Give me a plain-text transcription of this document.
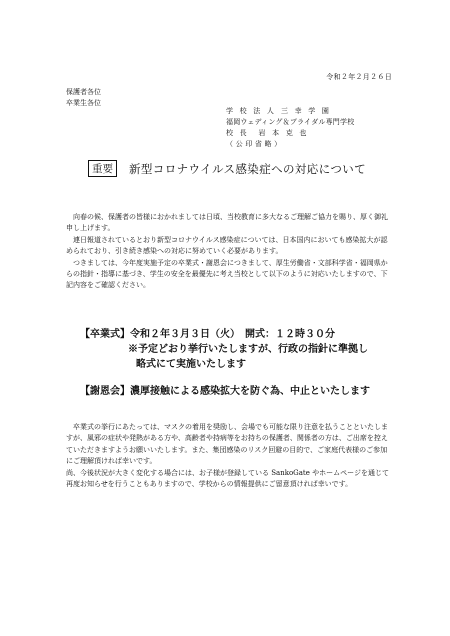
令和２年２月２６日
保護者各位
卒業生各位
学 校 法 人 三 幸 学 園
福岡ウェディング＆ブライダル専門学校
校 長 岩 本 克 也
（ 公 印 省 略 ）
重要 新型コロナウイルス感染症への対応について

向春の候、保護者の皆様におかれましては日頃、当校教育に多大なるご理解ご協力を賜り、厚く御礼申し上げます。

連日報道されているとおり新型コロナウイルス感染症については、日本国内においても感染拡大が認められており、引き続き感染への対応に努めていく必要があります。

つきましては、今年度実施予定の卒業式・謝恩会につきまして、厚生労働省・文部科学省・福岡県からの指針・指導に基づき、学生の安全を最優先に考え当校として以下のように対応いたしますので、下記内容をご確認ください。

【卒業式】令和２年３月３日（火）　開式：１２時３０分
※予定どおり挙行いたしますが、行政の指針に準拠し
略式にて実施いたします
【謝恩会】濃厚接触による感染拡大を防ぐ為、中止といたします

卒業式の挙行にあたっては、マスクの着用を奨励し、会場でも可能な限り注意を払うことといたしますが、風邪の症状や発熱がある方や、高齢者や持病等をお持ちの保護者、関係者の方は、ご出席を控えていただきますようお願いいたします。また、集団感染のリスク回避の目的で、ご家庭代表様のご参加にご理解頂ければ幸いです。

尚、今後状況が大きく変化する場合には、お子様が登録している SankoGate やホームページを通じて再度お知らせを行うこともありますので、学校からの情報提供にご留意頂ければ幸いです。
